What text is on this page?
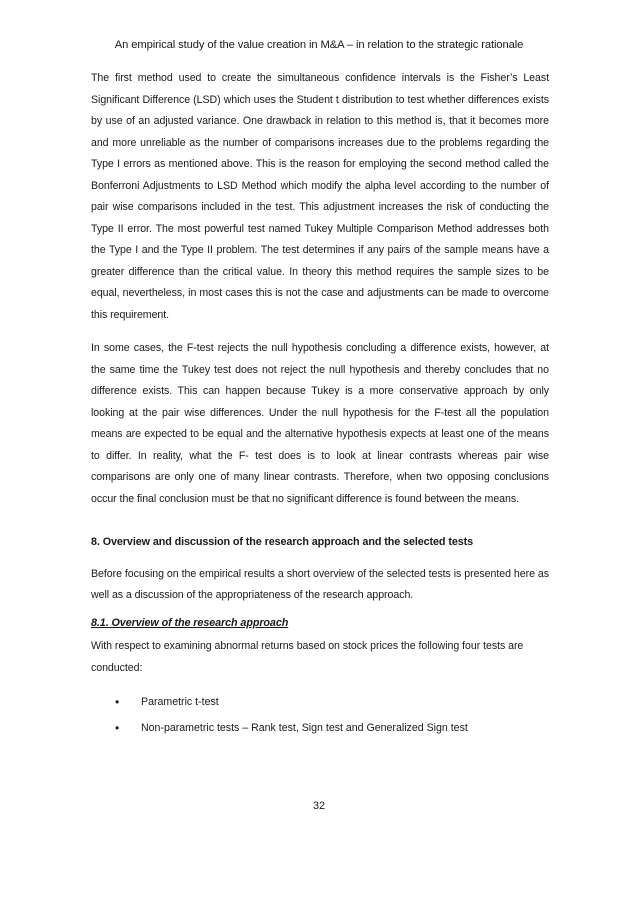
An empirical study of the value creation in M&A – in relation to the strategic rationale

The first method used to create the simultaneous confidence intervals is the Fisher’s Least Significant Difference (LSD) which uses the Student t distribution to test whether differences exists by use of an adjusted variance. One drawback in relation to this method is, that it becomes more and more unreliable as the number of comparisons increases due to the problems regarding the Type I errors as mentioned above. This is the reason for employing the second method called the Bonferroni Adjustments to LSD Method which modify the alpha level according to the number of pair wise comparisons included in the test. This adjustment increases the risk of conducting the Type II error. The most powerful test named Tukey Multiple Comparison Method addresses both the Type I and the Type II problem. The test determines if any pairs of the sample means have a greater difference than the critical value. In theory this method requires the sample sizes to be equal, nevertheless, in most cases this is not the case and adjustments can be made to overcome this requirement.

In some cases, the F-test rejects the null hypothesis concluding a difference exists, however, at the same time the Tukey test does not reject the null hypothesis and thereby concludes that no difference exists. This can happen because Tukey is a more conservative approach by only looking at the pair wise differences. Under the null hypothesis for the F-test all the population means are expected to be equal and the alternative hypothesis expects at least one of the means to differ. In reality, what the F- test does is to look at linear contrasts whereas pair wise comparisons are only one of many linear contrasts. Therefore, when two opposing conclusions occur the final conclusion must be that no significant difference is found between the means.

8. Overview and discussion of the research approach and the selected tests

Before focusing on the empirical results a short overview of the selected tests is presented here as well as a discussion of the appropriateness of the research approach.

8.1. Overview of the research approach

With respect to examining abnormal returns based on stock prices the following four tests are conducted:

• Parametric t-test
• Non-parametric tests – Rank test, Sign test and Generalized Sign test
32
